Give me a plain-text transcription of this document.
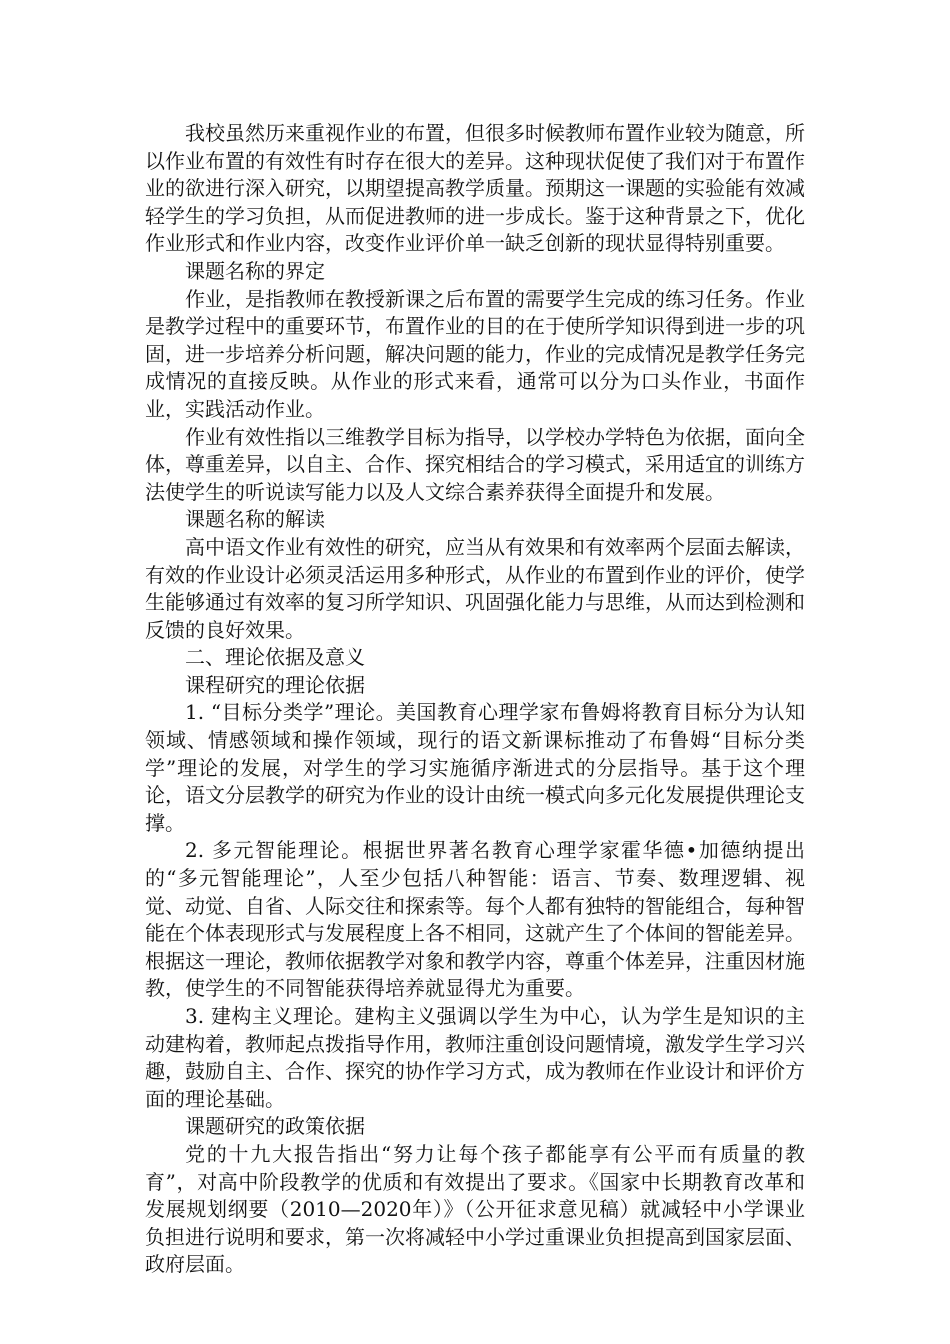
我校虽然历来重视作业的布置，但很多时候教师布置作业较为随意，所以作业布置的有效性有时存在很大的差异。这种现状促使了我们对于布置作业的欲进行深入研究，以期望提高教学质量。预期这一课题的实验能有效减轻学生的学习负担，从而促进教师的进一步成长。鉴于这种背景之下，优化作业形式和作业内容，改变作业评价单一缺乏创新的现状显得特别重要。

课题名称的界定

作业，是指教师在教授新课之后布置的需要学生完成的练习任务。作业是教学过程中的重要环节，布置作业的目的在于使所学知识得到进一步的巩固，进一步培养分析问题，解决问题的能力，作业的完成情况是教学任务完成情况的直接反映。从作业的形式来看，通常可以分为口头作业，书面作业，实践活动作业。

作业有效性指以三维教学目标为指导，以学校办学特色为依据，面向全体，尊重差异，以自主、合作、探究相结合的学习模式，采用适宜的训练方法使学生的听说读写能力以及人文综合素养获得全面提升和发展。

课题名称的解读

高中语文作业有效性的研究，应当从有效果和有效率两个层面去解读，有效的作业设计必须灵活运用多种形式，从作业的布置到作业的评价，使学生能够通过有效率的复习所学知识、巩固强化能力与思维，从而达到检测和反馈的良好效果。

二、理论依据及意义

课程研究的理论依据

1. “目标分类学”理论。美国教育心理学家布鲁姆将教育目标分为认知领域、情感领域和操作领域，现行的语文新课标推动了布鲁姆“目标分类学”理论的发展，对学生的学习实施循序渐进式的分层指导。基于这个理论，语文分层教学的研究为作业的设计由统一模式向多元化发展提供理论支撑。

2. 多元智能理论。根据世界著名教育心理学家霍华德•加德纳提出的“多元智能理论”，人至少包括八种智能：语言、节奏、数理逻辑、视觉、动觉、自省、人际交往和探索等。每个人都有独特的智能组合，每种智能在个体表现形式与发展程度上各不相同，这就产生了个体间的智能差异。根据这一理论，教师依据教学对象和教学内容，尊重个体差异，注重因材施教，使学生的不同智能获得培养就显得尤为重要。

3. 建构主义理论。建构主义强调以学生为中心，认为学生是知识的主动建构着，教师起点拨指导作用，教师注重创设问题情境，激发学生学习兴趣，鼓励自主、合作、探究的协作学习方式，成为教师在作业设计和评价方面的理论基础。

课题研究的政策依据

党的十九大报告指出“努力让每个孩子都能享有公平而有质量的教育”，对高中阶段教学的优质和有效提出了要求。《国家中长期教育改革和发展规划纲要（2010—2020年）》（公开征求意见稿）就减轻中小学课业负担进行说明和要求，第一次将减轻中小学过重课业负担提高到国家层面、政府层面。
